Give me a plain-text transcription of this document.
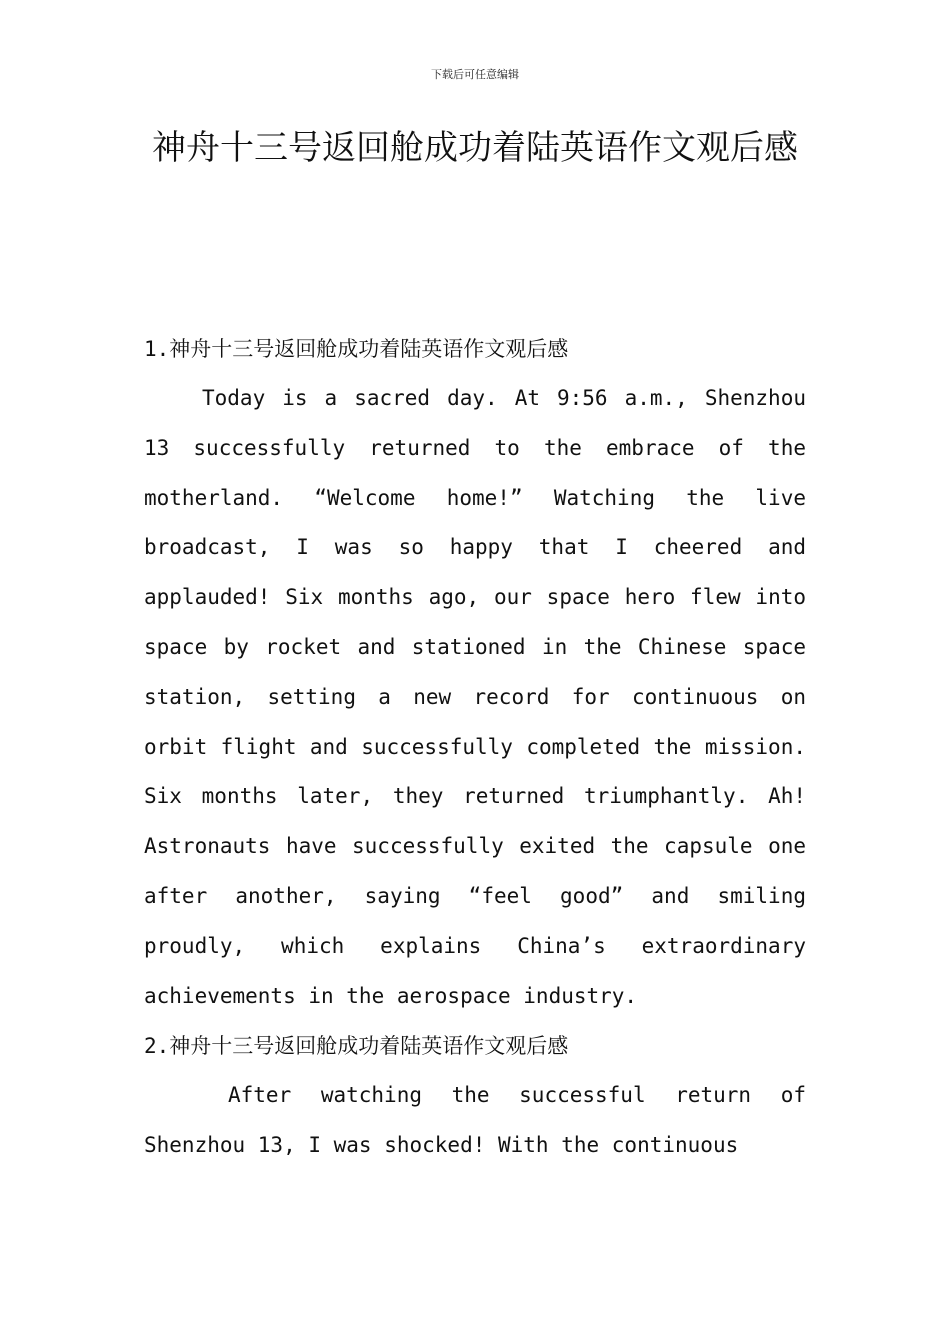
下载后可任意编辑
神舟十三号返回舱成功着陆英语作文观后感
1.神舟十三号返回舱成功着陆英语作文观后感

Today is a sacred day. At 9:56 a.m., Shenzhou 13 successfully returned to the embrace of the motherland. “Welcome home!” Watching the live broadcast, I was so happy that I cheered and applauded! Six months ago, our space hero flew into space by rocket and stationed in the Chinese space station, setting a new record for continuous on orbit flight and successfully completed the mission. Six months later, they returned triumphantly. Ah! Astronauts have successfully exited the capsule one after another, saying “feel good” and smiling proudly, which explains China’s extraordinary achievements in the aerospace industry.

2.神舟十三号返回舱成功着陆英语作文观后感

After watching the successful return of Shenzhou 13, I was shocked! With the continuous
